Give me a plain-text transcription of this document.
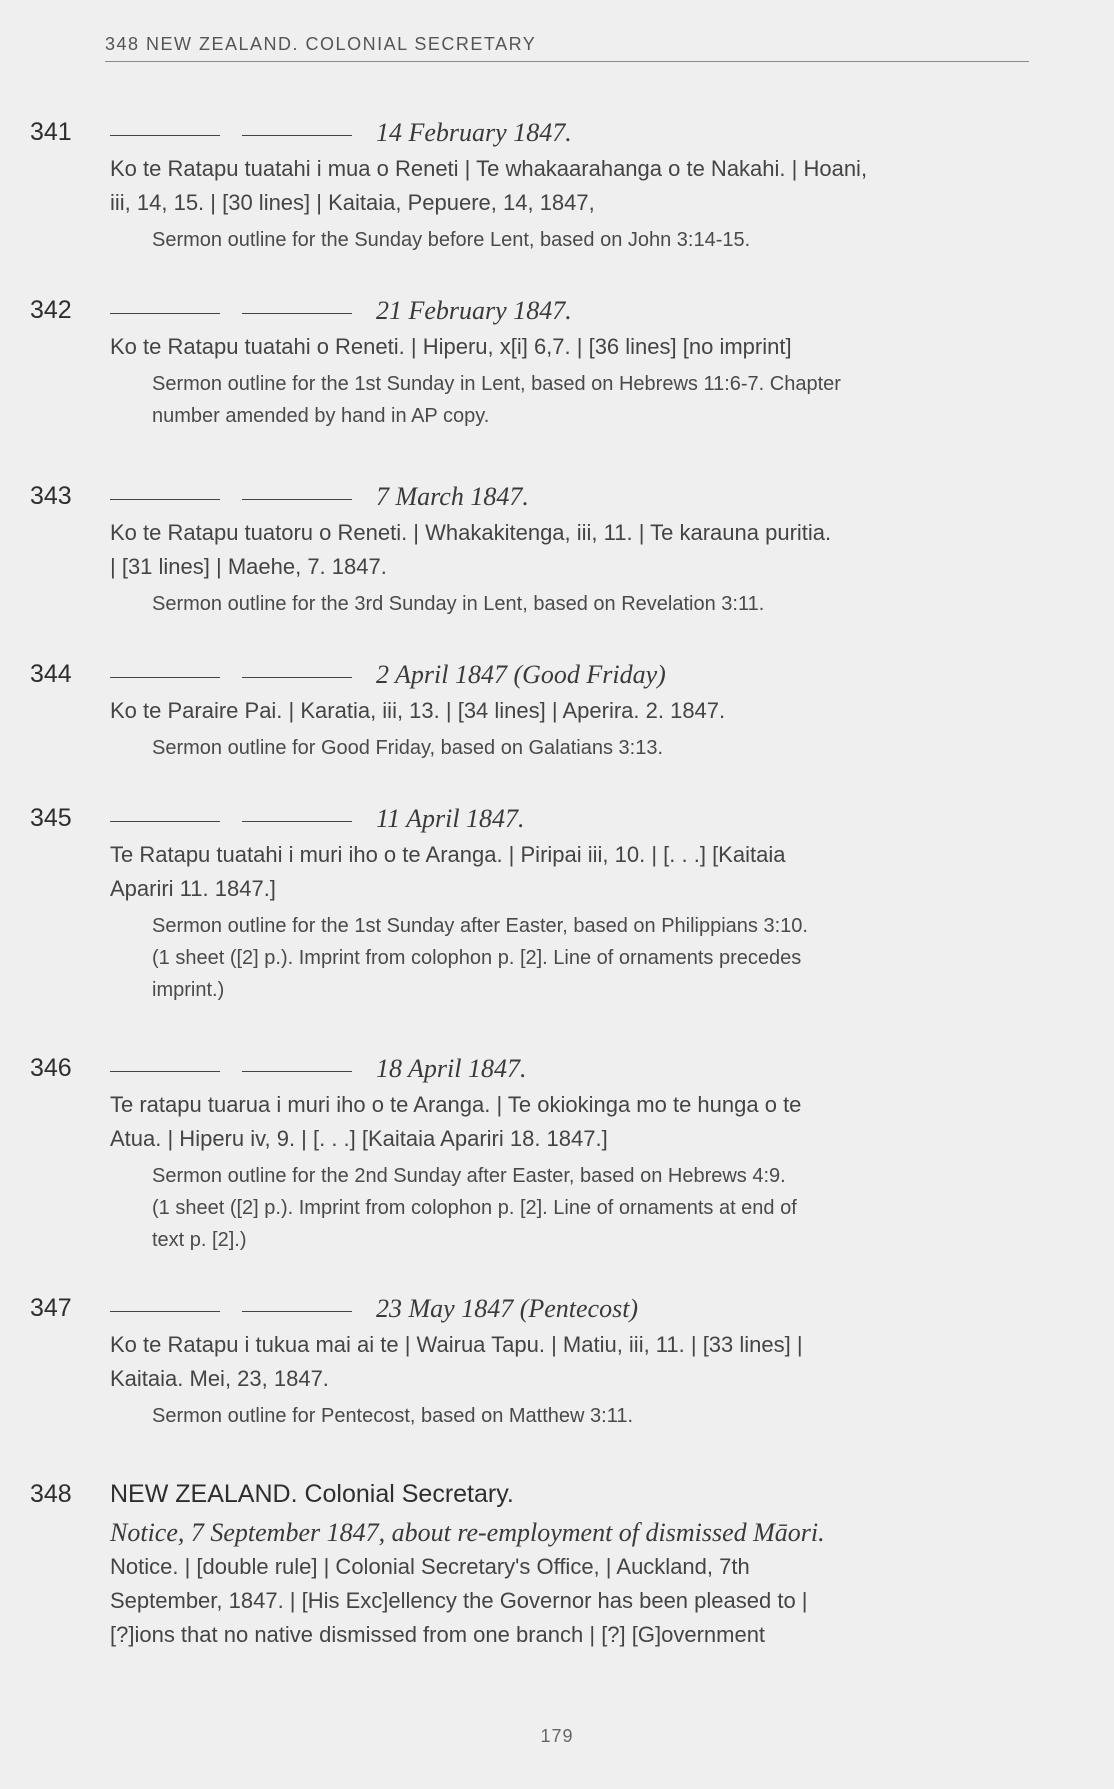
348 NEW ZEALAND. COLONIAL SECRETARY
341	14 February 1847.
Ko te Ratapu tuatahi i mua o Reneti | Te whakaarahanga o te Nakahi. | Hoani,
iii, 14, 15. | [30 lines] | Kaitaia, Pepuere, 14, 1847,
Sermon outline for the Sunday before Lent, based on John 3:14-15.
342	21 February 1847.
Ko te Ratapu tuatahi o Reneti. | Hiperu, x[i] 6,7. | [36 lines] [no imprint]
Sermon outline for the 1st Sunday in Lent, based on Hebrews 11:6-7. Chapter
number amended by hand in AP copy.
343	7 March 1847.
Ko te Ratapu tuatoru o Reneti. | Whakakitenga, iii, 11. | Te karauna puritia.
| [31 lines] | Maehe, 7. 1847.
Sermon outline for the 3rd Sunday in Lent, based on Revelation 3:11.
344	2 April 1847 (Good Friday)
Ko te Paraire Pai. | Karatia, iii, 13. | [34 lines] | Aperira. 2. 1847.
Sermon outline for Good Friday, based on Galatians 3:13.
345	11 April 1847.
Te Ratapu tuatahi i muri iho o te Aranga. | Piripai iii, 10. | [. . .] [Kaitaia
Apariri 11. 1847.]
Sermon outline for the 1st Sunday after Easter, based on Philippians 3:10.
(1 sheet ([2] p.). Imprint from colophon p. [2]. Line of ornaments precedes
imprint.)
346	18 April 1847.
Te ratapu tuarua i muri iho o te Aranga. | Te okiokinga mo te hunga o te
Atua. | Hiperu iv, 9. | [. . .] [Kaitaia Apariri 18. 1847.]
Sermon outline for the 2nd Sunday after Easter, based on Hebrews 4:9.
(1 sheet ([2] p.). Imprint from colophon p. [2]. Line of ornaments at end of
text p. [2].)
347	23 May 1847 (Pentecost)
Ko te Ratapu i tukua mai ai te | Wairua Tapu. | Matiu, iii, 11. | [33 lines] |
Kaitaia. Mei, 23, 1847.
Sermon outline for Pentecost, based on Matthew 3:11.
348 NEW ZEALAND. Colonial Secretary.
Notice, 7 September 1847, about re-employment of dismissed Māori.
Notice. | [double rule] | Colonial Secretary's Office, | Auckland, 7th
September, 1847. | [His Exc]ellency the Governor has been pleased to |
[?]ions that no native dismissed from one branch | [?] [G]overnment
179
